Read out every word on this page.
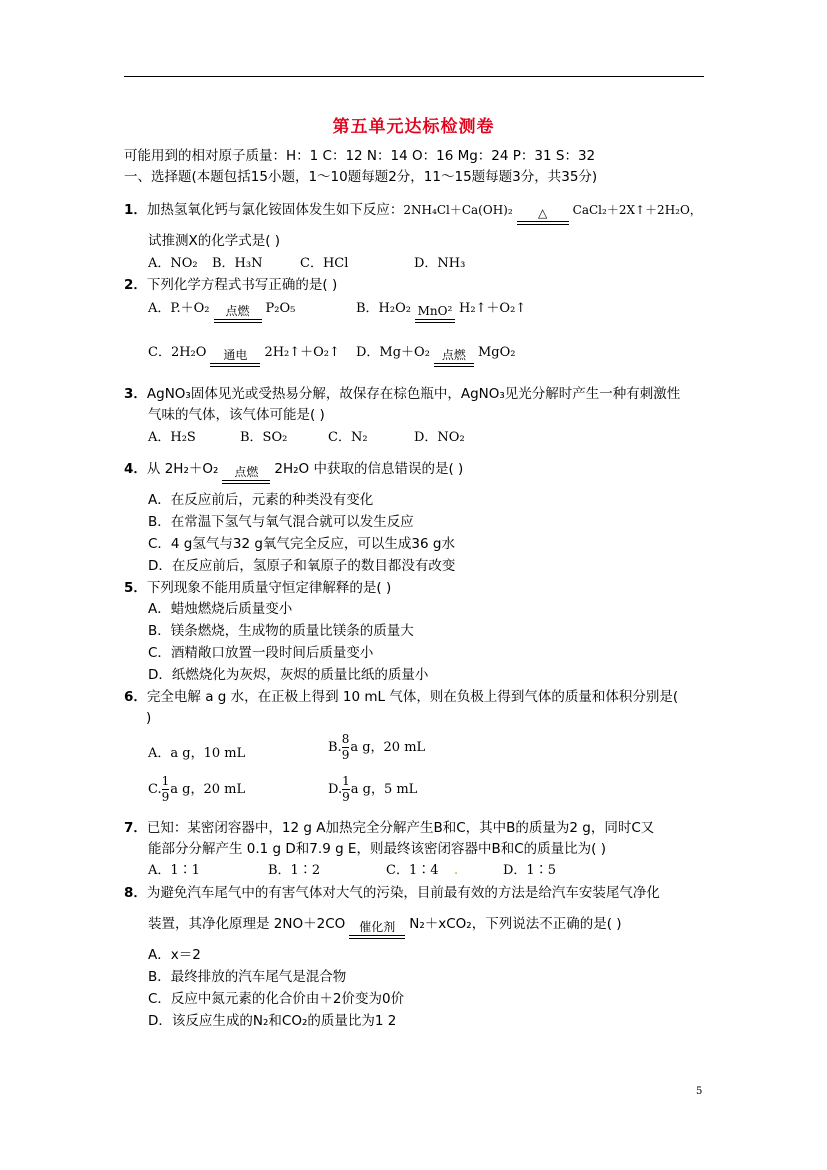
第五单元达标检测卷
可能用到的相对原子质量：H：1 C：12 N：14 O：16 Mg：24 P：31 S：32
一、选择题(本题包括15小题，1～10题每题2分，11～15题每题3分，共35分)
1．加热氢氧化钙与氯化铵固体发生如下反应：2NH₄Cl＋Ca(OH)₂	△	CaCl₂＋2X↑＋2H₂O，
试推测X的化学式是( )
A．NO₂ B．H₃N	C．HCl	D．NH₃
2．下列化学方程式书写正确的是( )
A．P.＋O₂	点燃	P₂O₅	B．H₂O₂ MnO² H₂↑＋O₂↑
C．2H₂O	通电	2H₂↑＋O₂↑ D．Mg＋O₂ 点燃 MgO₂
3．AgNO₃固体见光或受热易分解，故保存在棕色瓶中，AgNO₃见光分解时产生一种有刺激性
气味的气体，该气体可能是( )
A．H₂S	B．SO₂	C．N₂	D．NO₂
4．从 2H₂＋O₂	点燃	2H₂O 中获取的信息错误的是( )
A．在反应前后，元素的种类没有变化
B．在常温下氢气与氧气混合就可以发生反应
C．4 g氢气与32 g氧气完全反应，可以生成36 g水
D．在反应前后，氢原子和氧原子的数目都没有改变
5．下列现象不能用质量守恒定律解释的是( )
A．蜡烛燃烧后质量变小
B．镁条燃烧，生成物的质量比镁条的质量大
C．酒精敞口放置一段时间后质量变小
D．纸燃烧化为灰烬，灰烬的质量比纸的质量小
6．完全电解 a g 水，在正极上得到 10 mL 气体，则在负极上得到气体的质量和体积分别是(
)
A．a g，10 mL	B. $\frac{8}{9}$ a g，20 mL
C. $\frac{1}{9}$ a g，20 mL	D. $\frac{1}{9}$ a g，5 mL
7．已知：某密闭容器中，12 g A加热完全分解产生B和C，其中B的质量为2 g，同时C又
能部分分解产生 0.1 g D和7.9 g E，则最终该密闭容器中B和C的质量比为( )
A．1∶1	B．1∶2	C．1∶4 .	D．1∶5
8．为避免汽车尾气中的有害气体对大气的污染，目前最有效的方法是给汽车安装尾气净化
装置，其净化原理是 2NO＋2CO	催化剂	N₂＋xCO₂，下列说法不正确的是( )
A．x＝2
B．最终排放的汽车尾气是混合物
C．反应中氮元素的化合价由＋2价变为0价
D．该反应生成的N₂和CO₂的质量比为1 2
5
